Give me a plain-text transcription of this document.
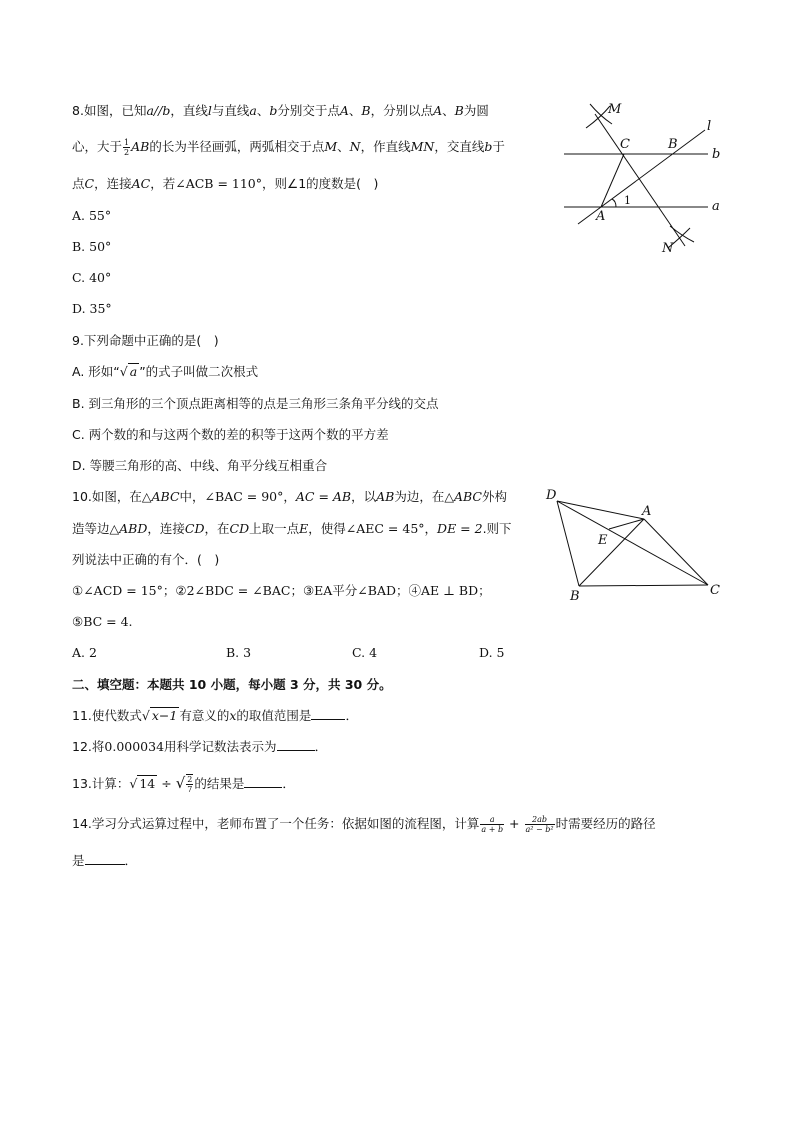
8.如图，已知a//b，直线l与直线a、b分别交于点A、B，分别以点A、B为圆
心，大于 $\frac{1}{2}$ AB的长为半径画弧，两弧相交于点M、N，作直线MN，交直线b于
点C，连接AC，若∠ACB = 110°，则∠1的度数是(　)
A. 55°
B. 50°
C. 40°
D. 35°
M
C	B
l
b
A
1	a
N
9.下列命题中正确的是(　)
A. 形如“√ a ”的式子叫做二次根式
B. 到三角形的三个顶点距离相等的点是三角形三条角平分线的交点
C. 两个数的和与这两个数的差的积等于这两个数的平方差
D. 等腰三角形的高、中线、角平分线互相重合
10.如图，在△ABC中，∠BAC = 90°，AC = AB，以AB为边，在△ABC外构
造等边△ABD，连接CD，在CD上取一点E，使得∠AEC = 45°，DE = 2.则下
列说法中正确的有个．(　)
①∠ACD = 15°；②2∠BDC = ∠BAC；③EA平分∠BAD；④AE ⊥ BD；
⑤BC = 4.
A. 2	B. 3	C. 4	D. 5
D
A
E
B	C
二、填空题：本题共 10 小题，每小题 3 分，共 30 分。
11.使代数式√ x−1 有意义的x的取值范围是	．
12.将0.000034用科学记数法表示为	．
13.计算：√ 14 ÷ √ $\frac{2}{7}$ 的结果是	．
14.学习分式运算过程中，老师布置了一个任务：依据如图的流程图，计算 $\frac{a}{a + b} + \frac{2ab}{\text{a² − b²}}$ 时需要经历的路径
是	．
